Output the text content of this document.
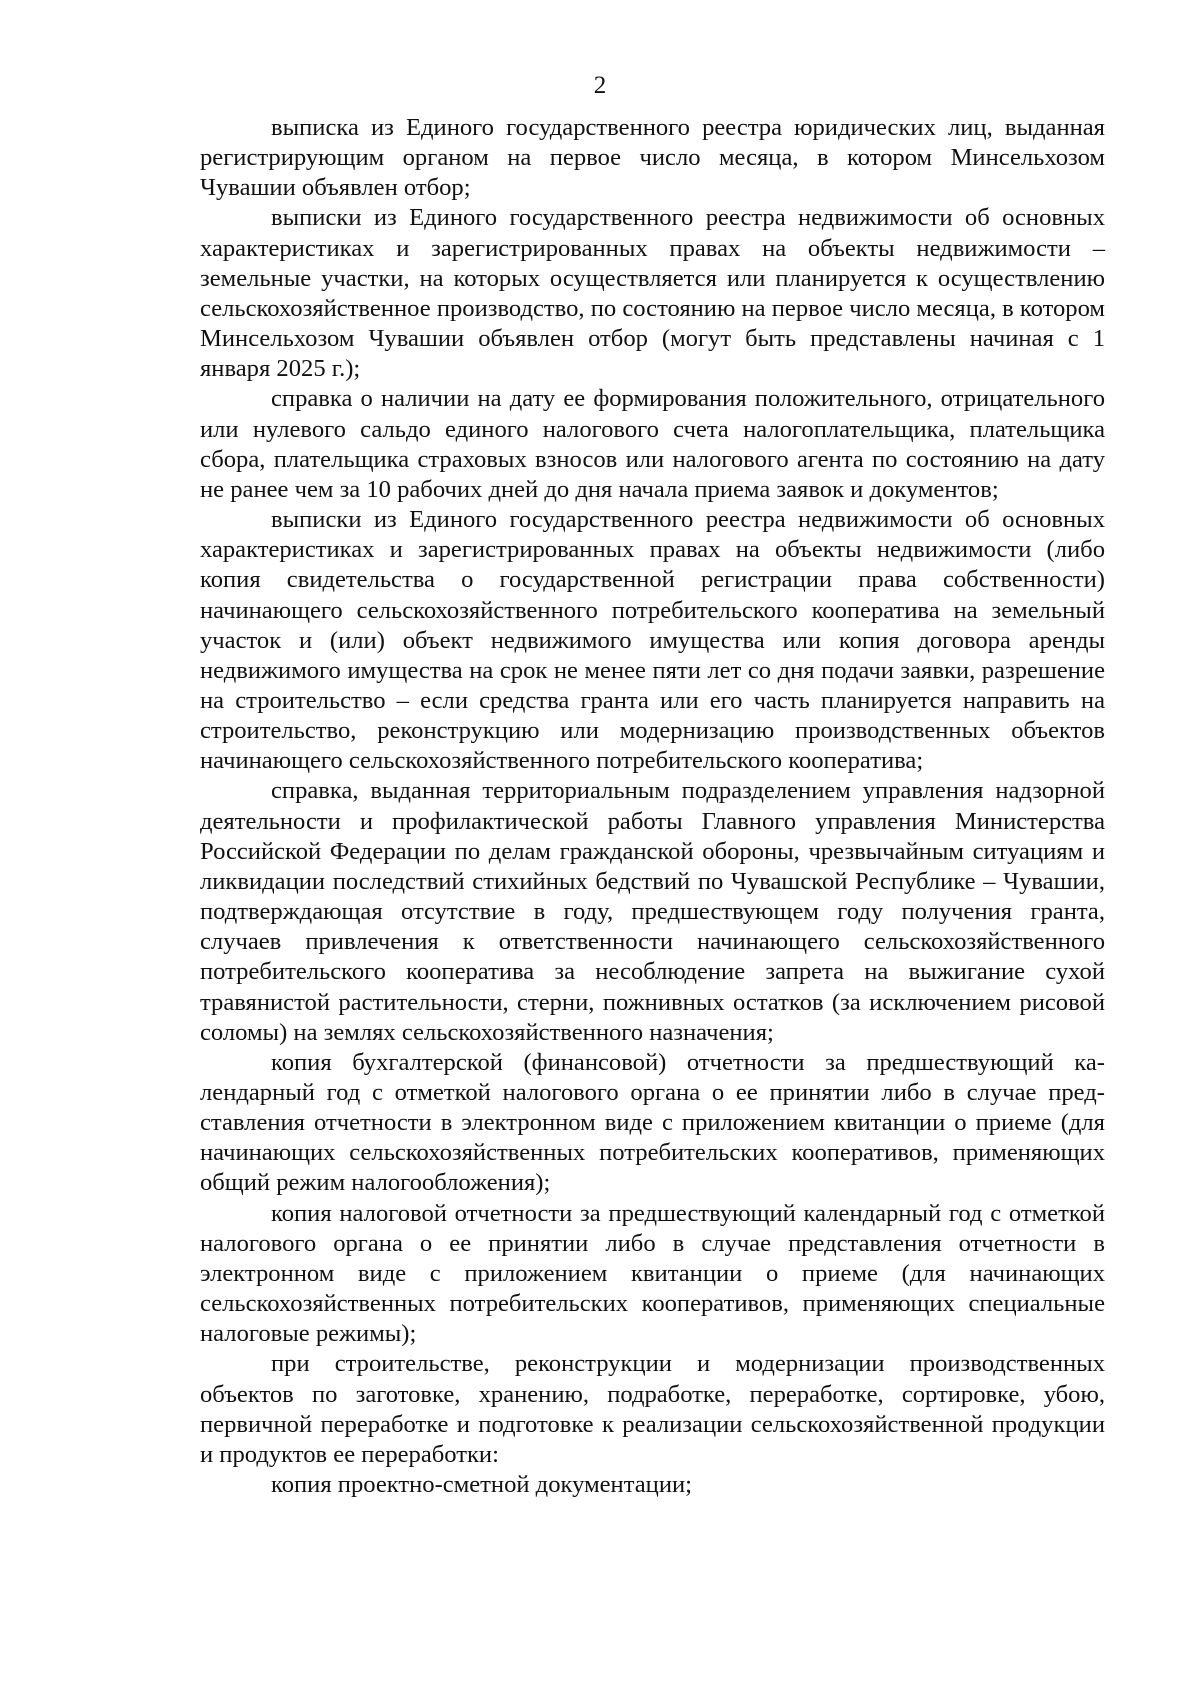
2

выписка из Единого государственного реестра юридических лиц, выданная регистрирующим органом на первое число месяца, в котором Минсельхозом Чувашии объявлен отбор;

выписки из Единого государственного реестра недвижимости об основных характеристиках и зарегистрированных правах на объекты недвижимости – земельные участки, на которых осуществляется или планируется к осуществлению сельскохозяйственное производство, по состоянию на первое число месяца, в котором Минсельхозом Чувашии объявлен отбор (могут быть представлены начиная с 1 января 2025 г.);

справка о наличии на дату ее формирования положительного, отрицательного или нулевого сальдо единого налогового счета налогоплательщика, плательщика сбора, плательщика страховых взносов или налогового агента по состоянию на дату не ранее чем за 10 рабочих дней до дня начала приема заявок и документов;

выписки из Единого государственного реестра недвижимости об основных характеристиках и зарегистрированных правах на объекты недвижимости (либо копия свидетельства о государственной регистрации права собственности) начинающего сельскохозяйственного потребительского кооператива на земельный участок и (или) объект недвижимого имущества или копия договора аренды недвижимого имущества на срок не менее пяти лет со дня подачи заявки, разрешение на строительство – если средства гранта или его часть планируется направить на строительство, реконструкцию или модернизацию производственных объектов начинающего сельскохозяйственного потребительского кооператива;

справка, выданная территориальным подразделением управления надзорной деятельности и профилактической работы Главного управления Министерства Российской Федерации по делам гражданской обороны, чрезвычайным ситуациям и ликвидации последствий стихийных бедствий по Чувашской Республике – Чувашии, подтверждающая отсутствие в году, предшествующем году получения гранта, случаев привлечения к ответственности начинающего сельскохозяйственного потребительского кооператива за несоблюдение запрета на выжигание сухой травянистой растительности, стерни, пожнивных остатков (за исключением рисовой соломы) на землях сельскохозяйственного назначения;

копия бухгалтерской (финансовой) отчетности за предшествующий календарный год с отметкой налогового органа о ее принятии либо в случае представления отчетности в электронном виде с приложением квитанции о приеме (для начинающих сельскохозяйственных потребительских кооперативов, применяющих общий режим налогообложения);

копия налоговой отчетности за предшествующий календарный год с отметкой налогового органа о ее принятии либо в случае представления отчетности в электронном виде с приложением квитанции о приеме (для начинающих сельскохозяйственных потребительских кооперативов, применяющих специальные налоговые режимы);

при строительстве, реконструкции и модернизации производственных объектов по заготовке, хранению, подработке, переработке, сортировке, убою, первичной переработке и подготовке к реализации сельскохозяйственной продукции и продуктов ее переработки:

копия проектно-сметной документации;
